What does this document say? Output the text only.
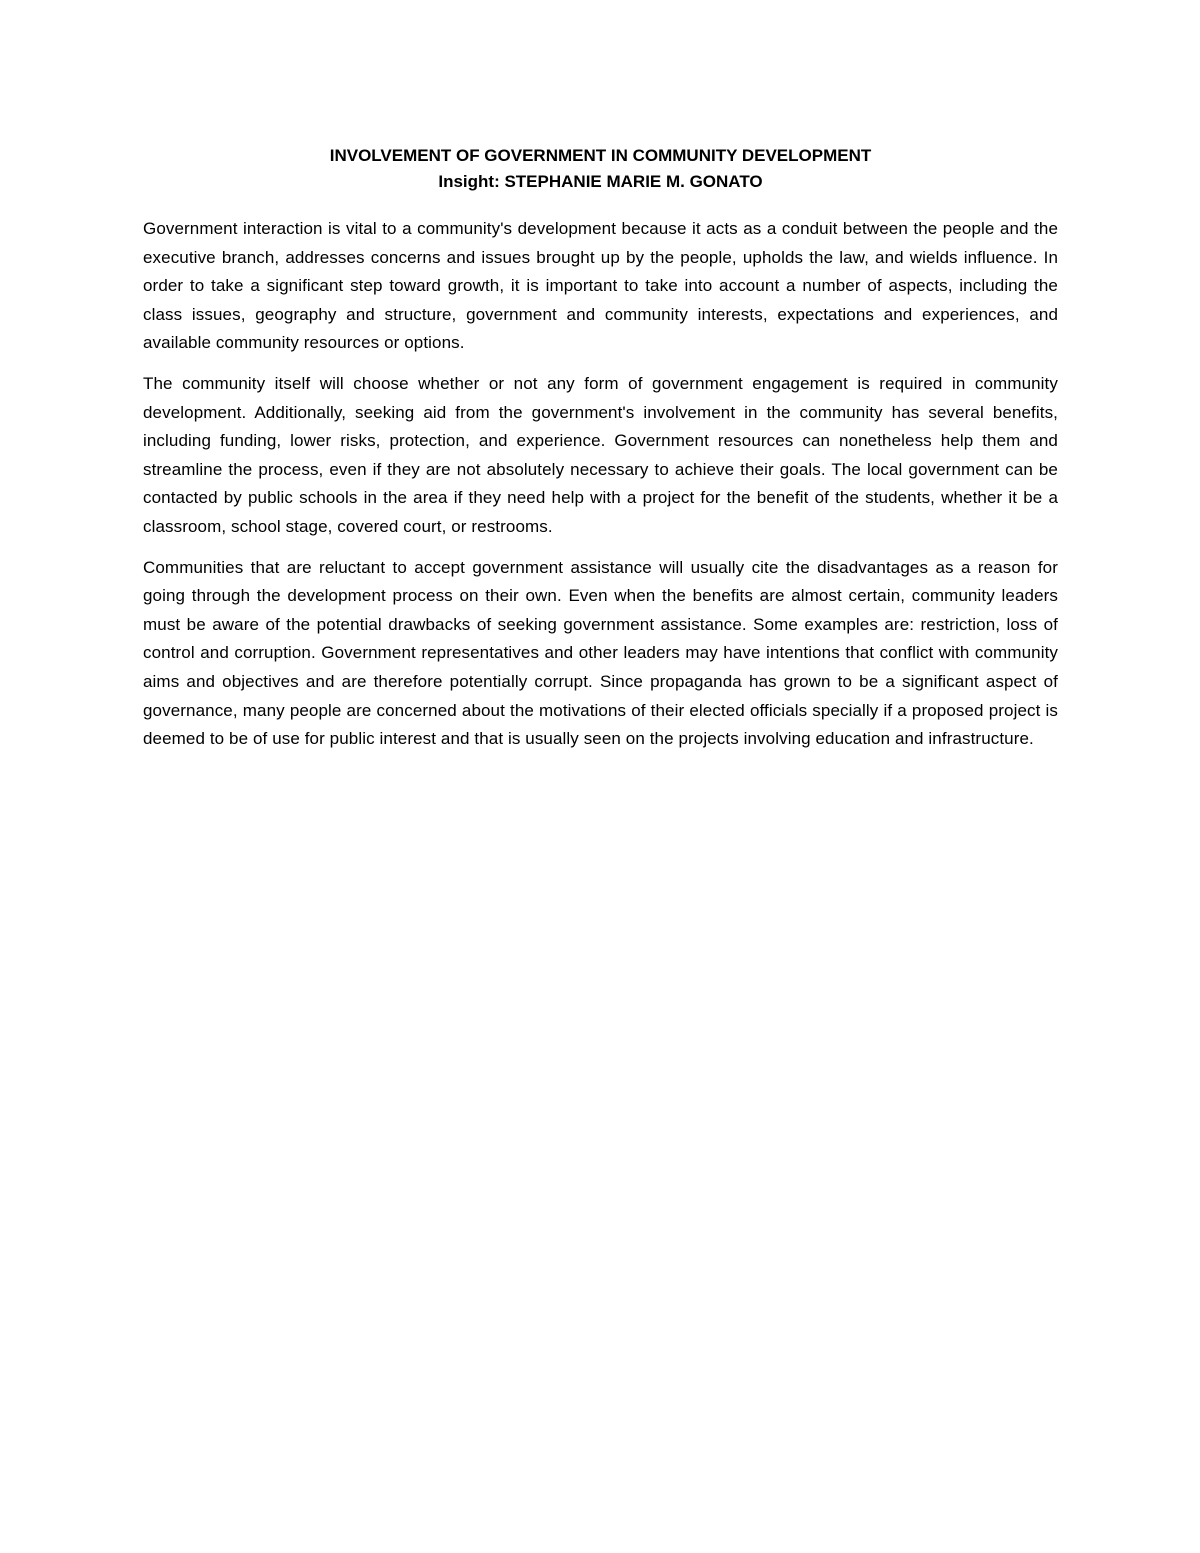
INVOLVEMENT OF GOVERNMENT IN COMMUNITY DEVELOPMENT

Insight: STEPHANIE MARIE M. GONATO

Government interaction is vital to a community's development because it acts as a conduit between the people and the executive branch, addresses concerns and issues brought up by the people, upholds the law, and wields influence. In order to take a significant step toward growth, it is important to take into account a number of aspects, including the class issues, geography and structure, government and community interests, expectations and experiences, and available community resources or options.

The community itself will choose whether or not any form of government engagement is required in community development. Additionally, seeking aid from the government's involvement in the community has several benefits, including funding, lower risks, protection, and experience. Government resources can nonetheless help them and streamline the process, even if they are not absolutely necessary to achieve their goals. The local government can be contacted by public schools in the area if they need help with a project for the benefit of the students, whether it be a classroom, school stage, covered court, or restrooms.

Communities that are reluctant to accept government assistance will usually cite the disadvantages as a reason for going through the development process on their own. Even when the benefits are almost certain, community leaders must be aware of the potential drawbacks of seeking government assistance. Some examples are: restriction, loss of control and corruption. Government representatives and other leaders may have intentions that conflict with community aims and objectives and are therefore potentially corrupt. Since propaganda has grown to be a significant aspect of governance, many people are concerned about the motivations of their elected officials specially if a proposed project is deemed to be of use for public interest and that is usually seen on the projects involving education and infrastructure.
